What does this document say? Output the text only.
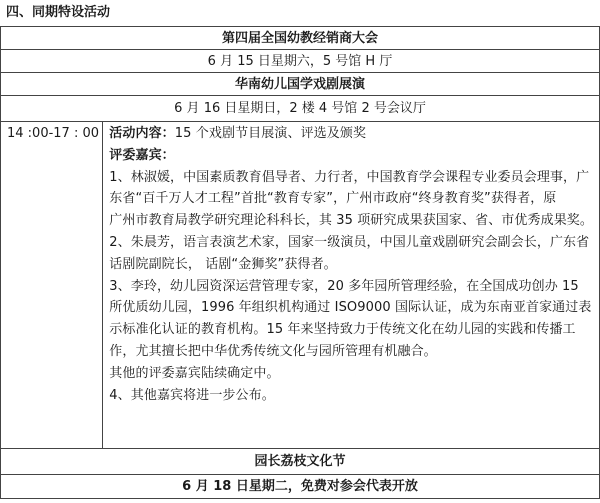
四、同期特设活动
第四届全国幼教经销商大会
6 月 15 日星期六，5 号馆 H 厅
华南幼儿国学戏剧展演
6 月 16 日星期日，2 楼 4 号馆 2 号会议厅
14 :00-17 : 00 活动内容：15 个戏剧节目展演、评选及颁奖
评委嘉宾：
1、林淑媛，中国素质教育倡导者、力行者，中国教育学会课程专业委员会理事，广
东省“百千万人才工程”首批“教育专家”，广州市政府“终身教育奖”获得者，原
广州市教育局教学研究理论科科长，其 35 项研究成果获国家、省、市优秀成果奖。
2、朱晨芳，语言表演艺术家，国家一级演员，中国儿童戏剧研究会副会长，广东省
话剧院副院长， 话剧“金狮奖”获得者。
3、李玲，幼儿园资深运营管理专家，20 多年园所管理经验，在全国成功创办 15
所优质幼儿园，1996 年组织机构通过 ISO9000 国际认证，成为东南亚首家通过表
示标准化认证的教育机构。15 年来坚持致力于传统文化在幼儿园的实践和传播工
作，尤其擅长把中华优秀传统文化与园所管理有机融合。
其他的评委嘉宾陆续确定中。
4、其他嘉宾将进一步公布。
园长荔枝文化节
6 月 18 日星期二，免费对参会代表开放
